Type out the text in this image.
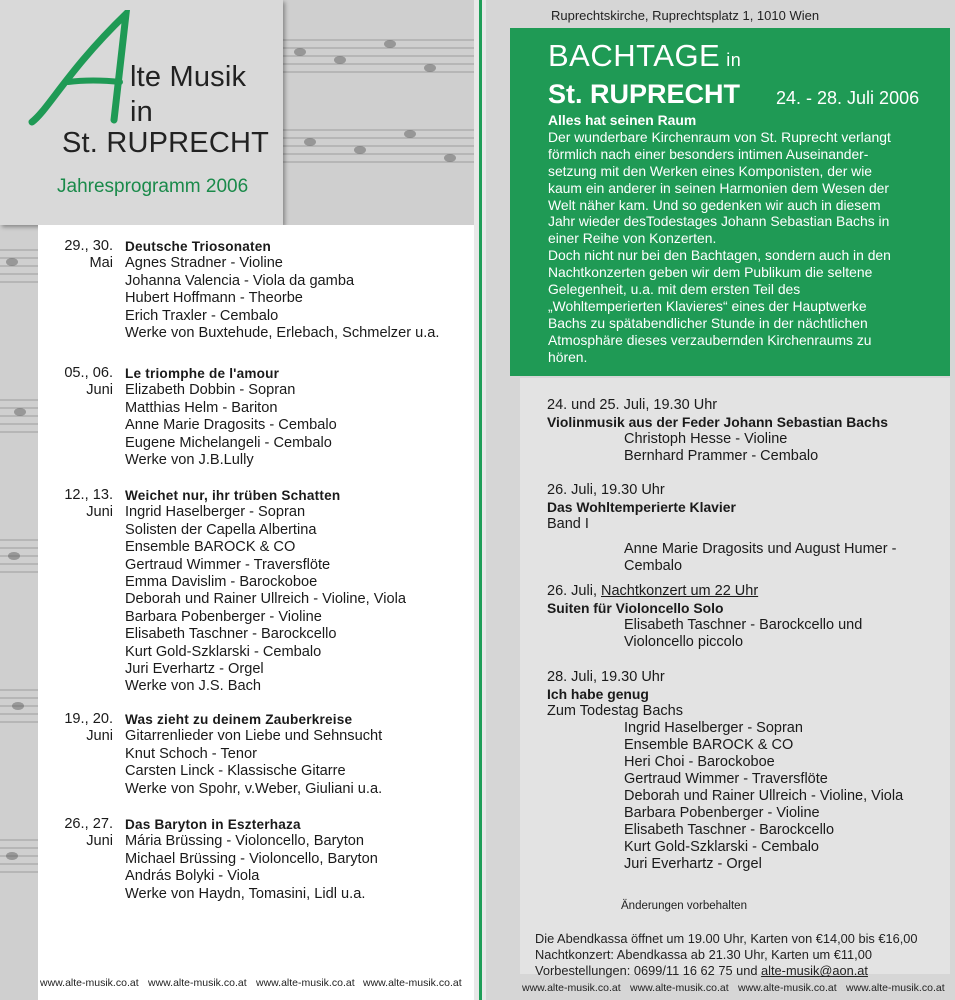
lte Musik
in
St. RUPRECHT
Jahresprogramm 2006
29., 30.
Mai
Deutsche Triosonaten
Agnes Stradner - Violine
Johanna Valencia - Viola da gamba
Hubert Hoffmann - Theorbe
Erich Traxler - Cembalo
Werke von Buxtehude, Erlebach, Schmelzer u.a.
05., 06.
Juni
Le triomphe de l'amour
Elizabeth Dobbin - Sopran
Matthias Helm - Bariton
Anne Marie Dragosits - Cembalo
Eugene Michelangeli - Cembalo
Werke von J.B.Lully
12., 13.
Juni
Weichet nur, ihr trüben Schatten
Ingrid Haselberger - Sopran
Solisten der Capella Albertina
Ensemble BAROCK & CO
Gertraud Wimmer - Traversflöte
Emma Davislim - Barockoboe
Deborah und Rainer Ullreich - Violine, Viola
Barbara Pobenberger - Violine
Elisabeth Taschner - Barockcello
Kurt Gold-Szklarski - Cembalo
Juri Everhartz - Orgel
Werke von J.S. Bach
19., 20.
Juni
Was zieht zu deinem Zauberkreise
Gitarrenlieder von Liebe und Sehnsucht
Knut Schoch - Tenor
Carsten Linck - Klassische Gitarre
Werke von Spohr, v.Weber, Giuliani u.a.
26., 27.
Juni
Das Baryton in Eszterhaza
Mária Brüssing - Violoncello, Baryton
Michael Brüssing - Violoncello, Baryton
András Bolyki - Viola
Werke von Haydn, Tomasini, Lidl u.a.
www.alte-musik.co.at www.alte-musik.co.at www.alte-musik.co.at www.alte-musik.co.at
Ruprechtskirche, Ruprechtsplatz 1, 1010 Wien
BACHTAGE in
St. RUPRECHT 24. - 28. Juli 2006
Alles hat seinen Raum
Der wunderbare Kirchenraum von St. Ruprecht verlangt
förmlich nach einer besonders intimen Auseinander-
setzung mit den Werken eines Komponisten, der wie
kaum ein anderer in seinen Harmonien dem Wesen der
Welt näher kam. Und so gedenken wir auch in diesem
Jahr wieder desTodestages Johann Sebastian Bachs in
einer Reihe von Konzerten.
Doch nicht nur bei den Bachtagen, sondern auch in den
Nachtkonzerten geben wir dem Publikum die seltene
Gelegenheit, u.a. mit dem ersten Teil des
„Wohltemperierten Klavieres“ eines der Hauptwerke
Bachs zu spätabendlicher Stunde in der nächtlichen
Atmosphäre dieses verzaubernden Kirchenraums zu
hören.
24. und 25. Juli, 19.30 Uhr
Violinmusik aus der Feder Johann Sebastian Bachs
Christoph Hesse - Violine
Bernhard Prammer - Cembalo
26. Juli, 19.30 Uhr
Das Wohltemperierte Klavier
Band I
Anne Marie Dragosits und August Humer -
Cembalo
26. Juli, Nachtkonzert um 22 Uhr
Suiten für Violoncello Solo
Elisabeth Taschner - Barockcello und
Violoncello piccolo
28. Juli, 19.30 Uhr
Ich habe genug
Zum Todestag Bachs
Ingrid Haselberger - Sopran
Ensemble BAROCK & CO
Heri Choi - Barockoboe
Gertraud Wimmer - Traversflöte
Deborah und Rainer Ullreich - Violine, Viola
Barbara Pobenberger - Violine
Elisabeth Taschner - Barockcello
Kurt Gold-Szklarski - Cembalo
Juri Everhartz - Orgel
Änderungen vorbehalten
Die Abendkassa öffnet um 19.00 Uhr, Karten von €14,00 bis €16,00
Nachtkonzert: Abendkassa ab 21.30 Uhr, Karten um €11,00
Vorbestellungen: 0699/11 16 62 75 und alte-musik@aon.at
www.alte-musik.co.at www.alte-musik.co.at www.alte-musik.co.at www.alte-musik.co.at
